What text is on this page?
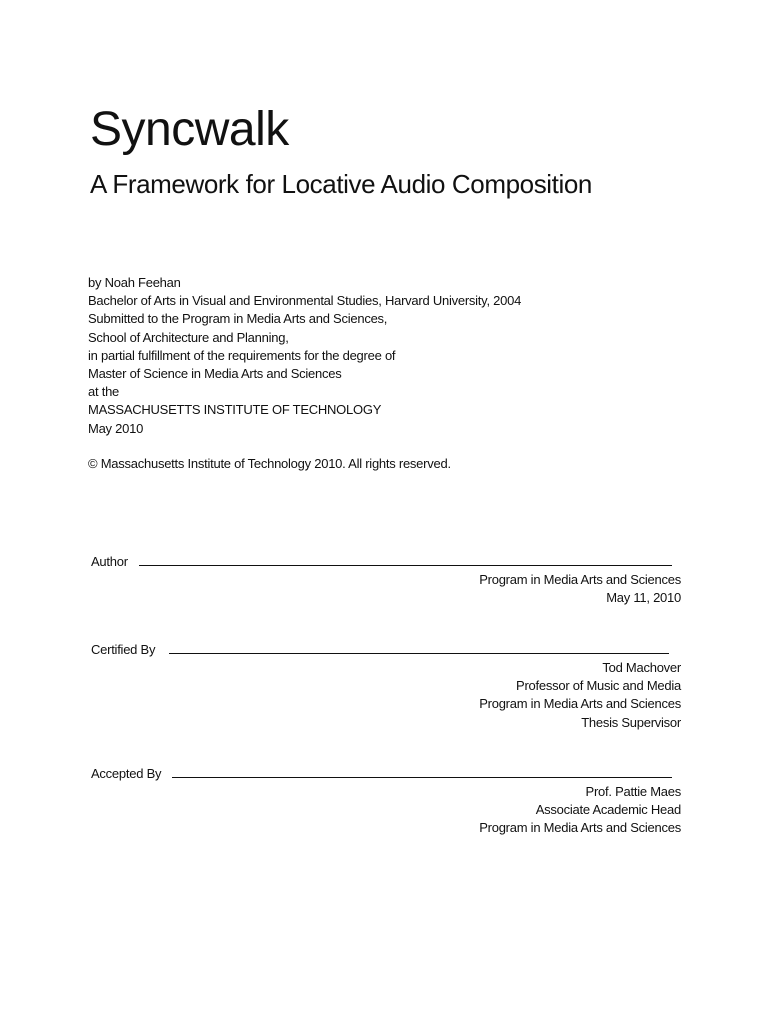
Syncwalk
A Framework for Locative Audio Composition
by Noah Feehan
Bachelor of Arts in Visual and Environmental Studies, Harvard University, 2004
Submitted to the Program in Media Arts and Sciences,
School of Architecture and Planning,
in partial fulfillment of the requirements for the degree of
Master of Science in Media Arts and Sciences
at the
MASSACHUSETTS INSTITUTE OF TECHNOLOGY
May 2010
© Massachusetts Institute of Technology 2010. All rights reserved.
Author
Program in Media Arts and Sciences
May 11, 2010
Certified By
Tod Machover
Professor of Music and Media
Program in Media Arts and Sciences
Thesis Supervisor
Accepted By
Prof. Pattie Maes
Associate Academic Head
Program in Media Arts and Sciences
